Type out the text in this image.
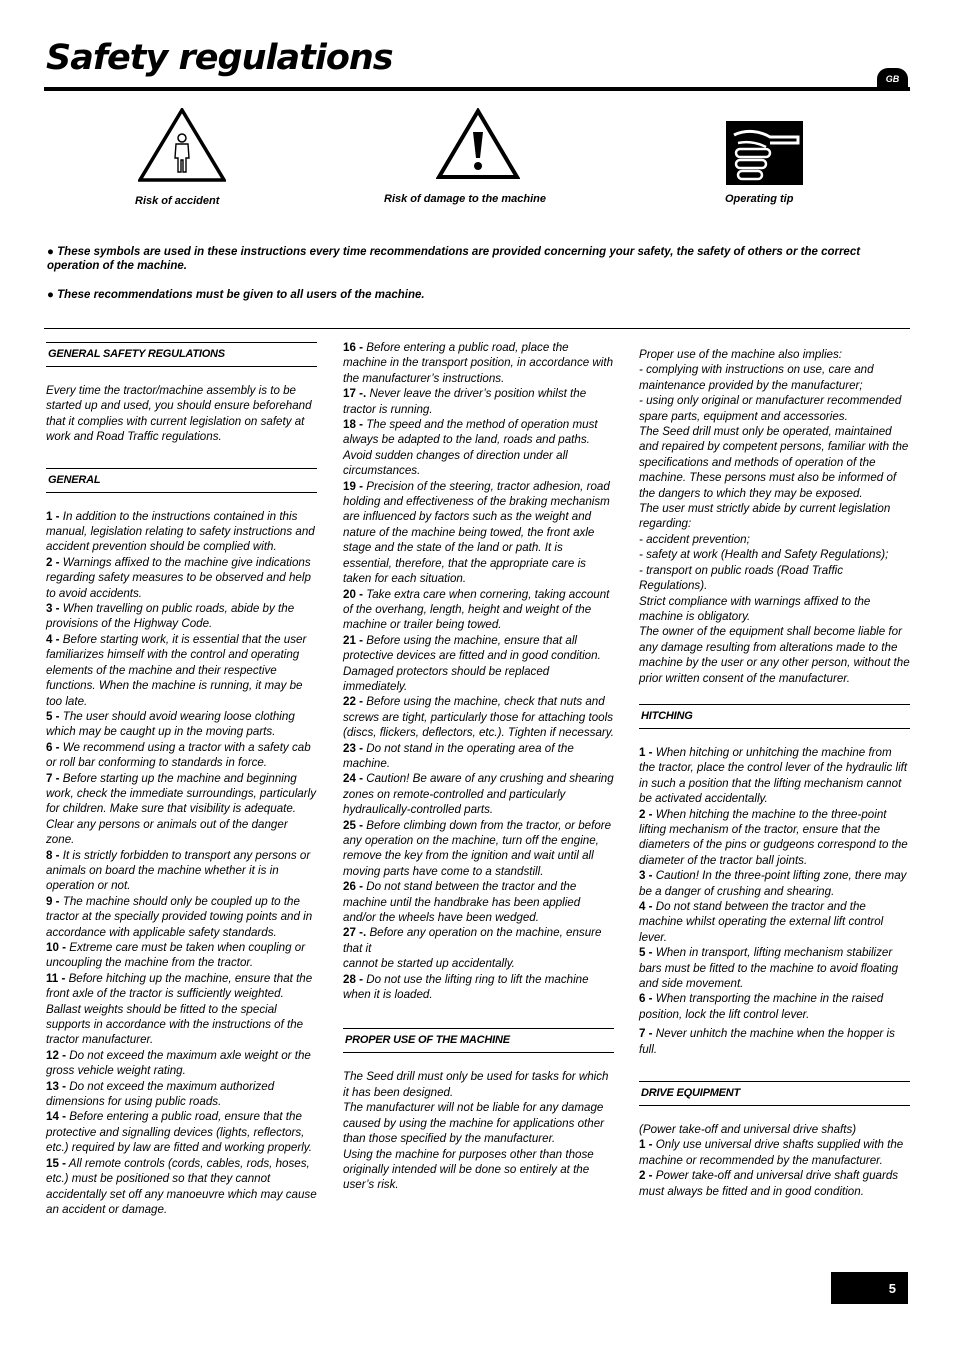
Safety regulations
GB
Risk of accident	Risk of damage to the machine	Operating tip
● These symbols are used in these instructions every time recommendations are provided concerning your safety, the safety of others or the correct operation of the machine.
● These recommendations must be given to all users of the machine.
GENERAL SAFETY REGULATIONS

Every time the tractor/machine assembly is to be started up and used, you should ensure beforehand that it complies with current legislation on safety at work and Road Traffic regulations.

GENERAL

1 - In addition to the instructions contained in this manual, legislation relating to safety instructions and accident prevention should be complied with.

2 - Warnings affixed to the machine give indications regarding safety measures to be observed and help to avoid accidents.

3 - When travelling on public roads, abide by the provisions of the Highway Code.

4 - Before starting work, it is essential that the user familiarizes himself with the control and operating elements of the machine and their respective functions. When the machine is running, it may be too late.

5 - The user should avoid wearing loose clothing which may be caught up in the moving parts.

6 - We recommend using a tractor with a safety cab or roll bar conforming to standards in force.

7 - Before starting up the machine and beginning work, check the immediate surroundings, particularly for children. Make sure that visibility is adequate. Clear any persons or animals out of the danger zone.

8 - It is strictly forbidden to transport any persons or animals on board the machine whether it is in operation or not.

9 - The machine should only be coupled up to the tractor at the specially provided towing points and in accordance with applicable safety standards.

10 - Extreme care must be taken when coupling or uncoupling the machine from the tractor.

11 - Before hitching up the machine, ensure that the front axle of the tractor is sufficiently weighted. Ballast weights should be fitted to the special supports in accordance with the instructions of the tractor manufacturer.

12 - Do not exceed the maximum axle weight or the gross vehicle weight rating.

13 - Do not exceed the maximum authorized dimensions for using public roads.

14 - Before entering a public road, ensure that the protective and signalling devices (lights, reflectors, etc.) required by law are fitted and working properly.

15 - All remote controls (cords, cables, rods, hoses, etc.) must be positioned so that they cannot accidentally set off any manoeuvre which may cause an accident or damage.

16 - Before entering a public road, place the machine in the transport position, in accordance with the manufacturer’s instructions.

17 -. Never leave the driver’s position whilst the tractor is running.

18 - The speed and the method of operation must always be adapted to the land, roads and paths. Avoid sudden changes of direction under all circumstances.

19 - Precision of the steering, tractor adhesion, road holding and effectiveness of the braking mechanism are influenced by factors such as the weight and nature of the machine being towed, the front axle stage and the state of the land or path. It is essential, therefore, that the appropriate care is taken for each situation.

20 - Take extra care when cornering, taking account of the overhang, length, height and weight of the machine or trailer being towed.

21 - Before using the machine, ensure that all protective devices are fitted and in good condition. Damaged protectors should be replaced immediately.

22 - Before using the machine, check that nuts and screws are tight, particularly those for attaching tools (discs, flickers, deflectors, etc.). Tighten if necessary.

23 - Do not stand in the operating area of the machine.

24 - Caution! Be aware of any crushing and shearing zones on remote-controlled and particularly hydraulically-controlled parts.

25 - Before climbing down from the tractor, or before any operation on the machine, turn off the engine, remove the key from the ignition and wait until all moving parts have come to a standstill.

26 - Do not stand between the tractor and the machine until the handbrake has been applied and/or the wheels have been wedged.

27 -. Before any operation on the machine, ensure that it

cannot be started up accidentally.

28 - Do not use the lifting ring to lift the machine when it is loaded.

PROPER USE OF THE MACHINE

The Seed drill must only be used for tasks for which it has been designed.

The manufacturer will not be liable for any damage caused by using the machine for applications other than those specified by the manufacturer.

Using the machine for purposes other than those originally intended will be done so entirely at the user’s risk.

Proper use of the machine also implies:

- complying with instructions on use, care and maintenance provided by the manufacturer;

- using only original or manufacturer recommended spare parts, equipment and accessories.

The Seed drill must only be operated, maintained and repaired by competent persons, familiar with the specifications and methods of operation of the machine. These persons must also be informed of the dangers to which they may be exposed.

The user must strictly abide by current legislation regarding:

- accident prevention;

- safety at work (Health and Safety Regulations);

- transport on public roads (Road Traffic Regulations).

Strict compliance with warnings affixed to the machine is obligatory.

The owner of the equipment shall become liable for any damage resulting from alterations made to the machine by the user or any other person, without the prior written consent of the manufacturer.

HITCHING

1 - When hitching or unhitching the machine from the tractor, place the control lever of the hydraulic lift in such a position that the lifting mechanism cannot be activated accidentally.

2 - When hitching the machine to the three-point lifting mechanism of the tractor, ensure that the diameters of the pins or gudgeons correspond to the diameter of the tractor ball joints.

3 - Caution! In the three-point lifting zone, there may be a danger of crushing and shearing.

4 - Do not stand between the tractor and the machine whilst operating the external lift control lever.

5 - When in transport, lifting mechanism stabilizer bars must be fitted to the machine to avoid floating and side movement.

6 - When transporting the machine in the raised position, lock the lift control lever.

7 - Never unhitch the machine when the hopper is full.

DRIVE EQUIPMENT

(Power take-off and universal drive shafts)

1 - Only use universal drive shafts supplied with the machine or recommended by the manufacturer.

2 - Power take-off and universal drive shaft guards must always be fitted and in good condition.

5
